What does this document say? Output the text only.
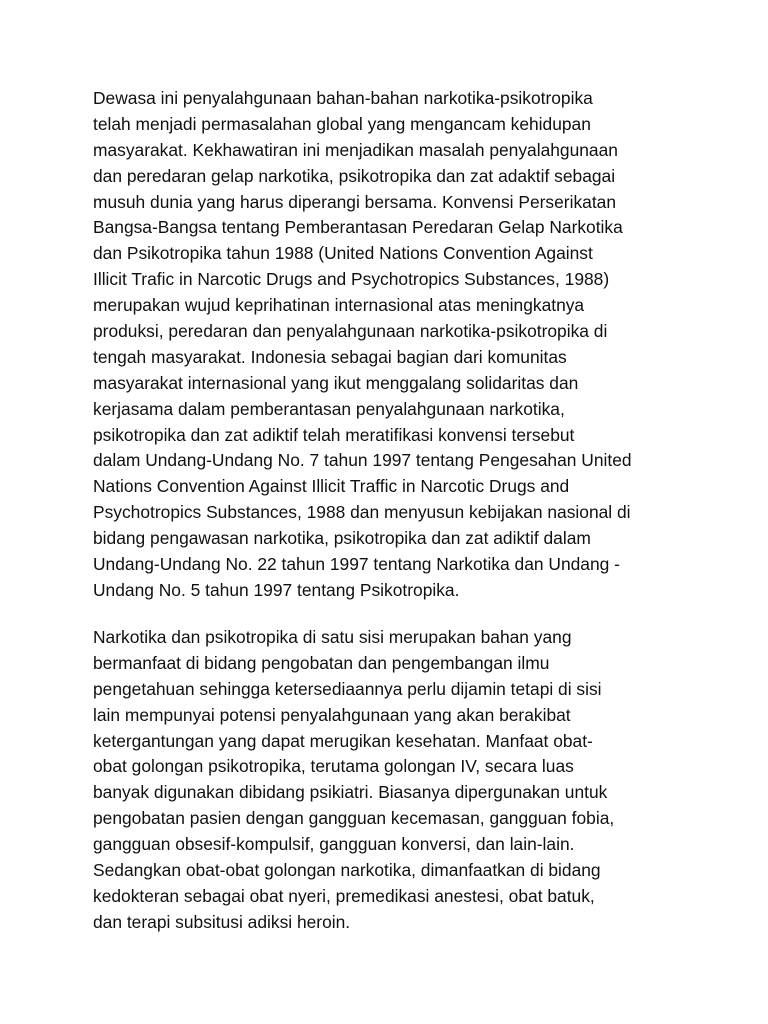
Dewasa ini penyalahgunaan bahan-bahan narkotika-psikotropika
telah menjadi permasalahan global yang mengancam kehidupan
masyarakat. Kekhawatiran ini menjadikan masalah penyalahgunaan
dan peredaran gelap narkotika, psikotropika dan zat adaktif sebagai
musuh dunia yang harus diperangi bersama. Konvensi Perserikatan
Bangsa-Bangsa tentang Pemberantasan Peredaran Gelap Narkotika
dan Psikotropika tahun 1988 (United Nations Convention Against
Illicit Trafic in Narcotic Drugs and Psychotropics Substances, 1988)
merupakan wujud keprihatinan internasional atas meningkatnya
produksi, peredaran dan penyalahgunaan narkotika-psikotropika di
tengah masyarakat. Indonesia sebagai bagian dari komunitas
masyarakat internasional yang ikut menggalang solidaritas dan
kerjasama dalam pemberantasan penyalahgunaan narkotika,
psikotropika dan zat adiktif telah meratifikasi konvensi tersebut
dalam Undang-Undang No. 7 tahun 1997 tentang Pengesahan United
Nations Convention Against Illicit Traffic in Narcotic Drugs and
Psychotropics Substances, 1988 dan menyusun kebijakan nasional di
bidang pengawasan narkotika, psikotropika dan zat adiktif dalam
Undang-Undang No. 22 tahun 1997 tentang Narkotika dan Undang -
Undang No. 5 tahun 1997 tentang Psikotropika.
Narkotika dan psikotropika di satu sisi merupakan bahan yang
bermanfaat di bidang pengobatan dan pengembangan ilmu
pengetahuan sehingga ketersediaannya perlu dijamin tetapi di sisi
lain mempunyai potensi penyalahgunaan yang akan berakibat
ketergantungan yang dapat merugikan kesehatan. Manfaat obat-
obat golongan psikotropika, terutama golongan IV, secara luas
banyak digunakan dibidang psikiatri. Biasanya dipergunakan untuk
pengobatan pasien dengan gangguan kecemasan, gangguan fobia,
gangguan obsesif-kompulsif, gangguan konversi, dan lain-lain.
Sedangkan obat-obat golongan narkotika, dimanfaatkan di bidang
kedokteran sebagai obat nyeri, premedikasi anestesi, obat batuk,
dan terapi subsitusi adiksi heroin.
